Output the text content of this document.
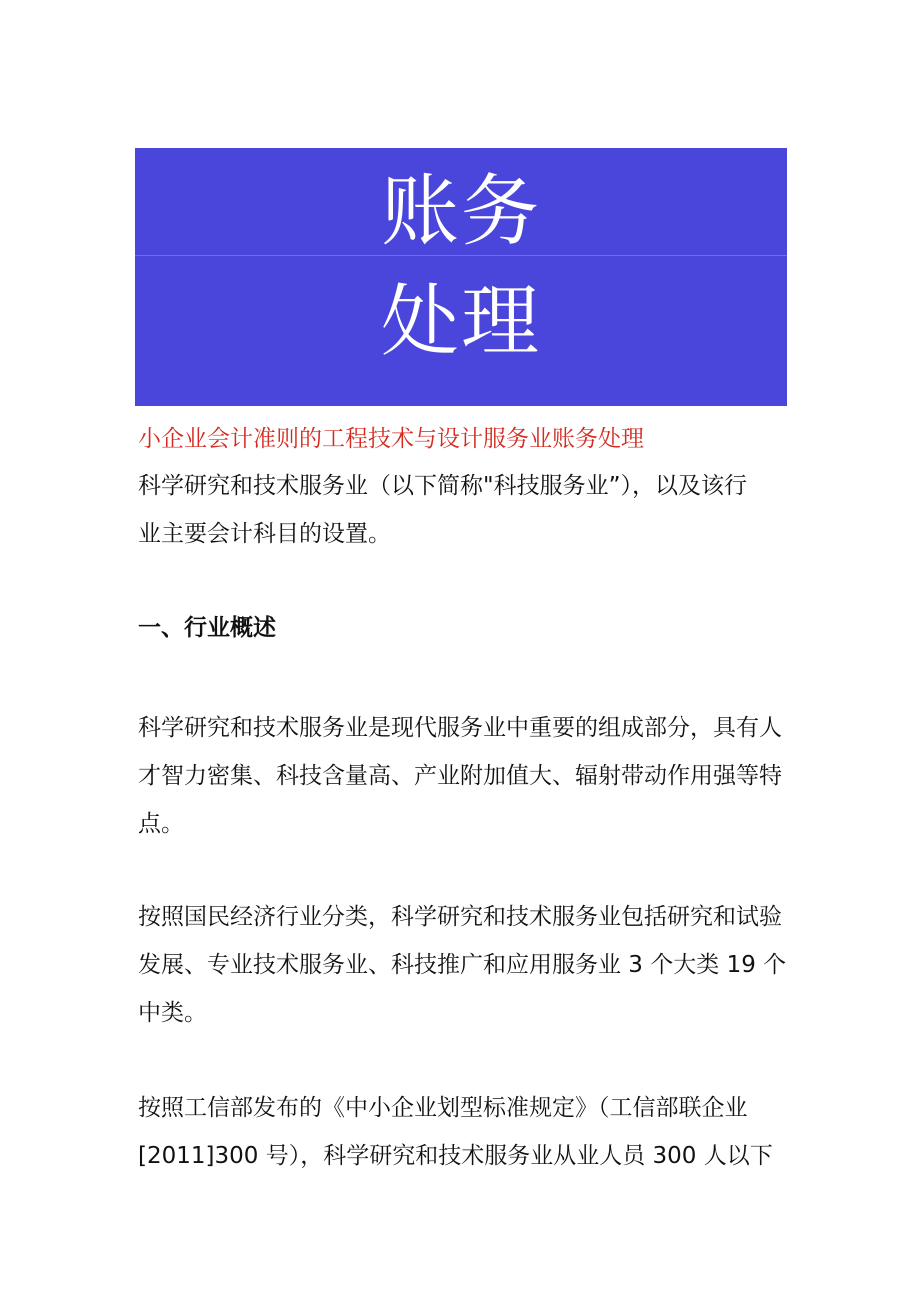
账务
处理
小企业会计准则的工程技术与设计服务业账务处理
科学研究和技术服务业（以下简称"科技服务业”），以及该行
业主要会计科目的设置。
一、行业概述
科学研究和技术服务业是现代服务业中重要的组成部分，具有人
才智力密集、科技含量高、产业附加值大、辐射带动作用强等特
点。
按照国民经济行业分类，科学研究和技术服务业包括研究和试验
发展、专业技术服务业、科技推广和应用服务业 3 个大类 19 个
中类。
按照工信部发布的《中小企业划型标准规定》（工信部联企业
[2011]300 号），科学研究和技术服务业从业人员 300 人以下
